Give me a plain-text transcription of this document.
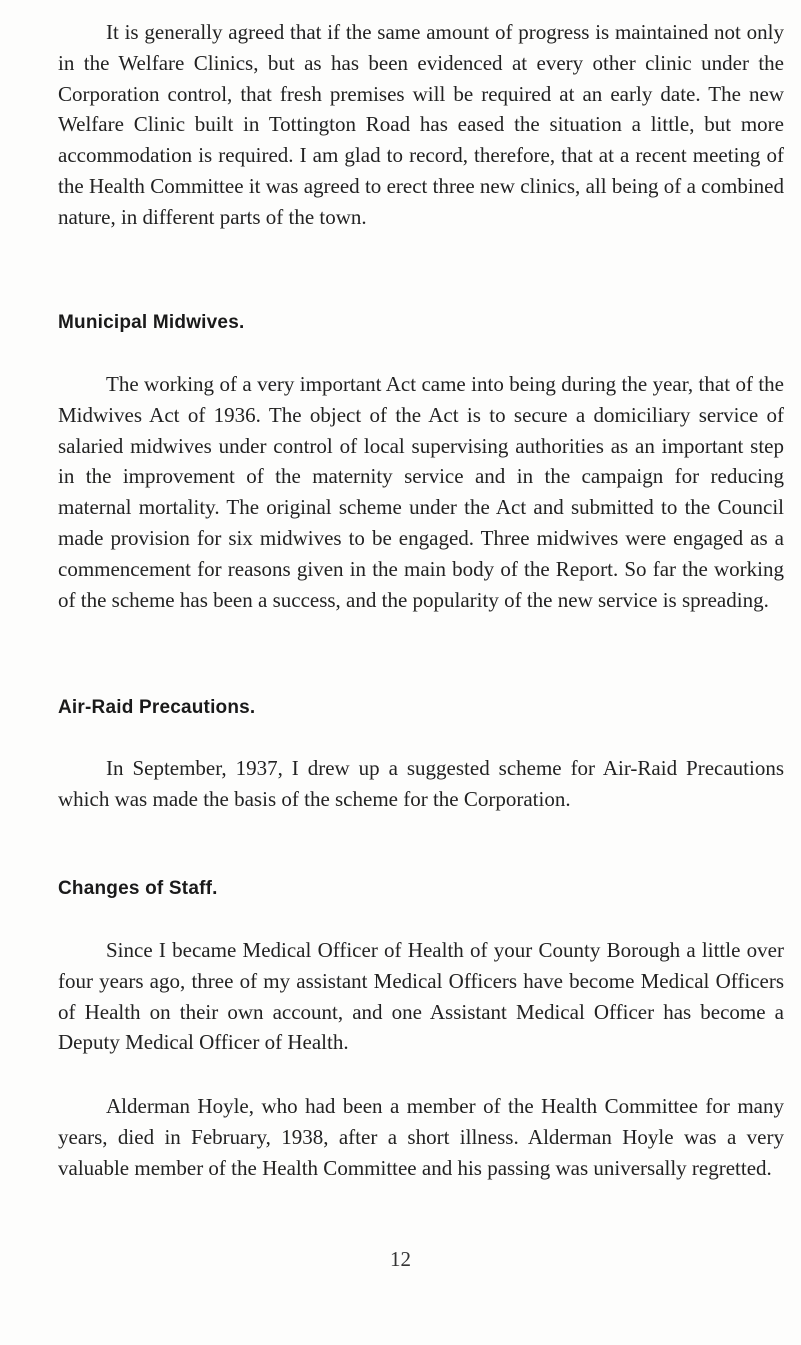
It is generally agreed that if the same amount of progress is maintained not only in the Welfare Clinics, but as has been evidenced at every other clinic under the Corporation control, that fresh premises will be required at an early date. The new Welfare Clinic built in Tottington Road has eased the situation a little, but more accommodation is required. I am glad to record, therefore, that at a recent meeting of the Health Committee it was agreed to erect three new clinics, all being of a combined nature, in different parts of the town.

Municipal Midwives.

The working of a very important Act came into being during the year, that of the Midwives Act of 1936. The object of the Act is to secure a domiciliary service of salaried midwives under control of local supervising authorities as an important step in the improvement of the maternity service and in the campaign for reducing maternal mortality. The original scheme under the Act and submitted to the Council made provision for six midwives to be engaged. Three midwives were engaged as a commencement for reasons given in the main body of the Report. So far the working of the scheme has been a success, and the popularity of the new service is spreading.

Air-Raid Precautions.

In September, 1937, I drew up a suggested scheme for Air-Raid Precautions which was made the basis of the scheme for the Corporation.

Changes of Staff.

Since I became Medical Officer of Health of your County Borough a little over four years ago, three of my assistant Medical Officers have become Medical Officers of Health on their own account, and one Assistant Medical Officer has become a Deputy Medical Officer of Health.

Alderman Hoyle, who had been a member of the Health Committee for many years, died in February, 1938, after a short illness. Alderman Hoyle was a very valuable member of the Health Committee and his passing was universally regretted.

12
